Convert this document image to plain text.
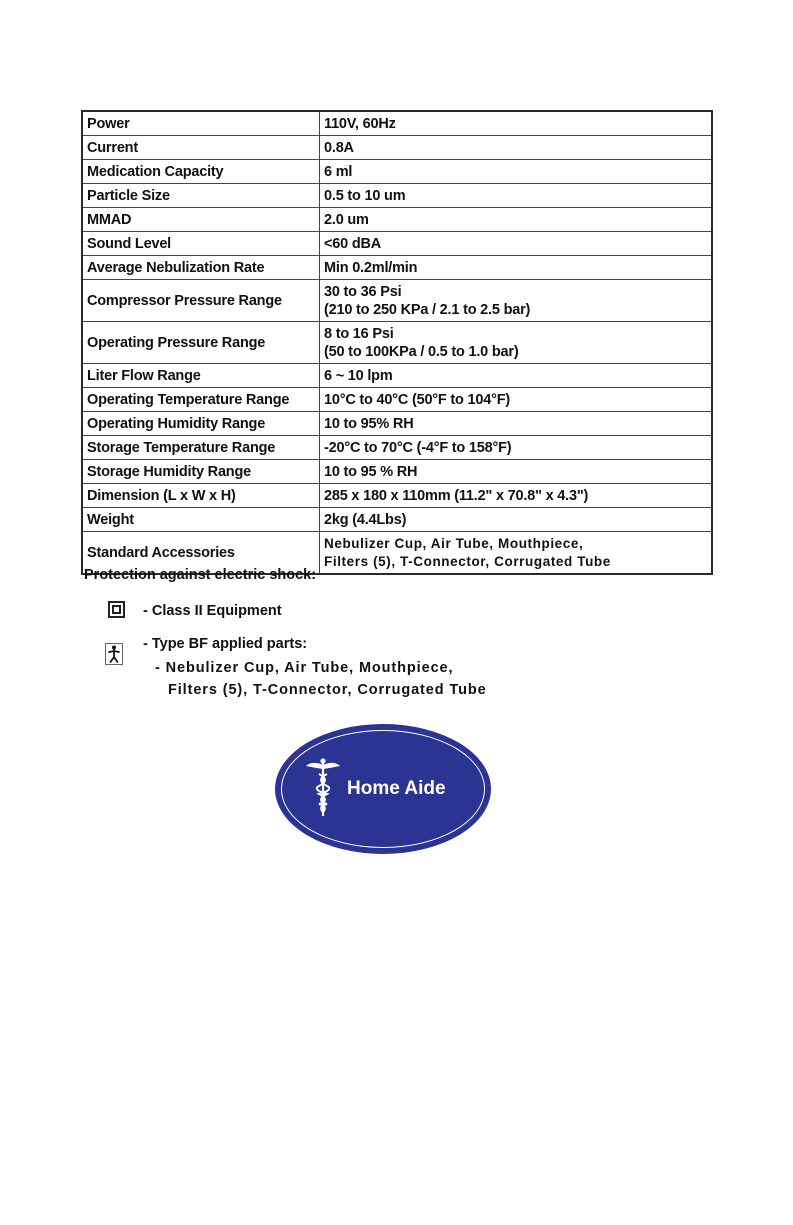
Power	110V, 60Hz

Current	0.8A

Medication Capacity	6 ml

Particle Size	0.5 to 10 um

MMAD	2.0 um

Sound Level	<60 dBA

Average Nebulization Rate	Min 0.2ml/min

Compressor Pressure Range	30 to 36 Psi
(210 to 250 KPa / 2.1 to 2.5 bar)

Operating Pressure Range	8 to 16 Psi
(50 to 100KPa / 0.5 to 1.0 bar)

Liter Flow Range	6 ~ 10 lpm

Operating Temperature Range	10°C to 40°C (50°F to 104°F)

Operating Humidity Range	10 to 95% RH

Storage Temperature Range	-20°C to 70°C (-4°F to 158°F)

Storage Humidity Range	10 to 95 % RH

Dimension (L x W x H)	285 x 180 x 110mm (11.2" x 70.8" x 4.3")

Weight	2kg (4.4Lbs)

Standard Accessories	Nebulizer Cup, Air Tube, Mouthpiece,
Filters (5), T-Connector, Corrugated Tube
Protection against electric shock:
- Class II Equipment
- Type BF applied parts:
- Nebulizer Cup, Air Tube, Mouthpiece,
Filters (5), T-Connector, Corrugated Tube
Home Aide
